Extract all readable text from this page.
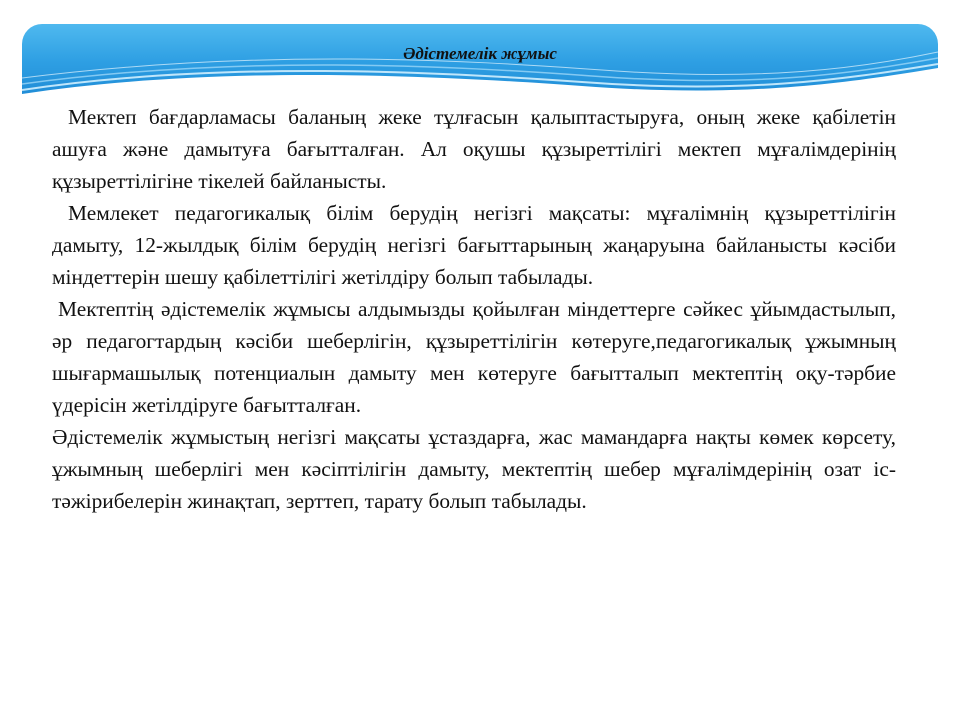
Әдістемелік жұмыс

Мектеп бағдарламасы баланың жеке тұлғасын қалыптастыруға, оның жеке қабілетін ашуға және дамытуға бағытталған. Ал оқушы құзыреттілігі мектеп мұғалімдерінің құзыреттілігіне тікелей байланысты.

Мемлекет педагогикалық білім берудің негізгі мақсаты: мұғалімнің құзыреттілігін дамыту, 12-жылдық білім берудің негізгі бағыттарының жаңаруына байланысты кәсіби міндеттерін шешу қабілеттілігі жетілдіру болып табылады.

Мектептің әдістемелік жұмысы алдымызды қойылған міндеттерге сәйкес ұйымдастылып, әр педагогтардың кәсіби шеберлігін, құзыреттілігін көтеруге,педагогикалық ұжымның шығармашылық потенциалын дамыту мен көтеруге бағытталып мектептің оқу-тәрбие үдерісін жетілдіруге бағытталған.

Әдістемелік жұмыстың негізгі мақсаты ұстаздарға, жас мамандарға нақты көмек көрсету, ұжымның шеберлігі мен кәсіптілігін дамыту, мектептің шебер мұғалімдерінің озат іс-тәжірибелерін жинақтап, зерттеп, тарату болып табылады.
